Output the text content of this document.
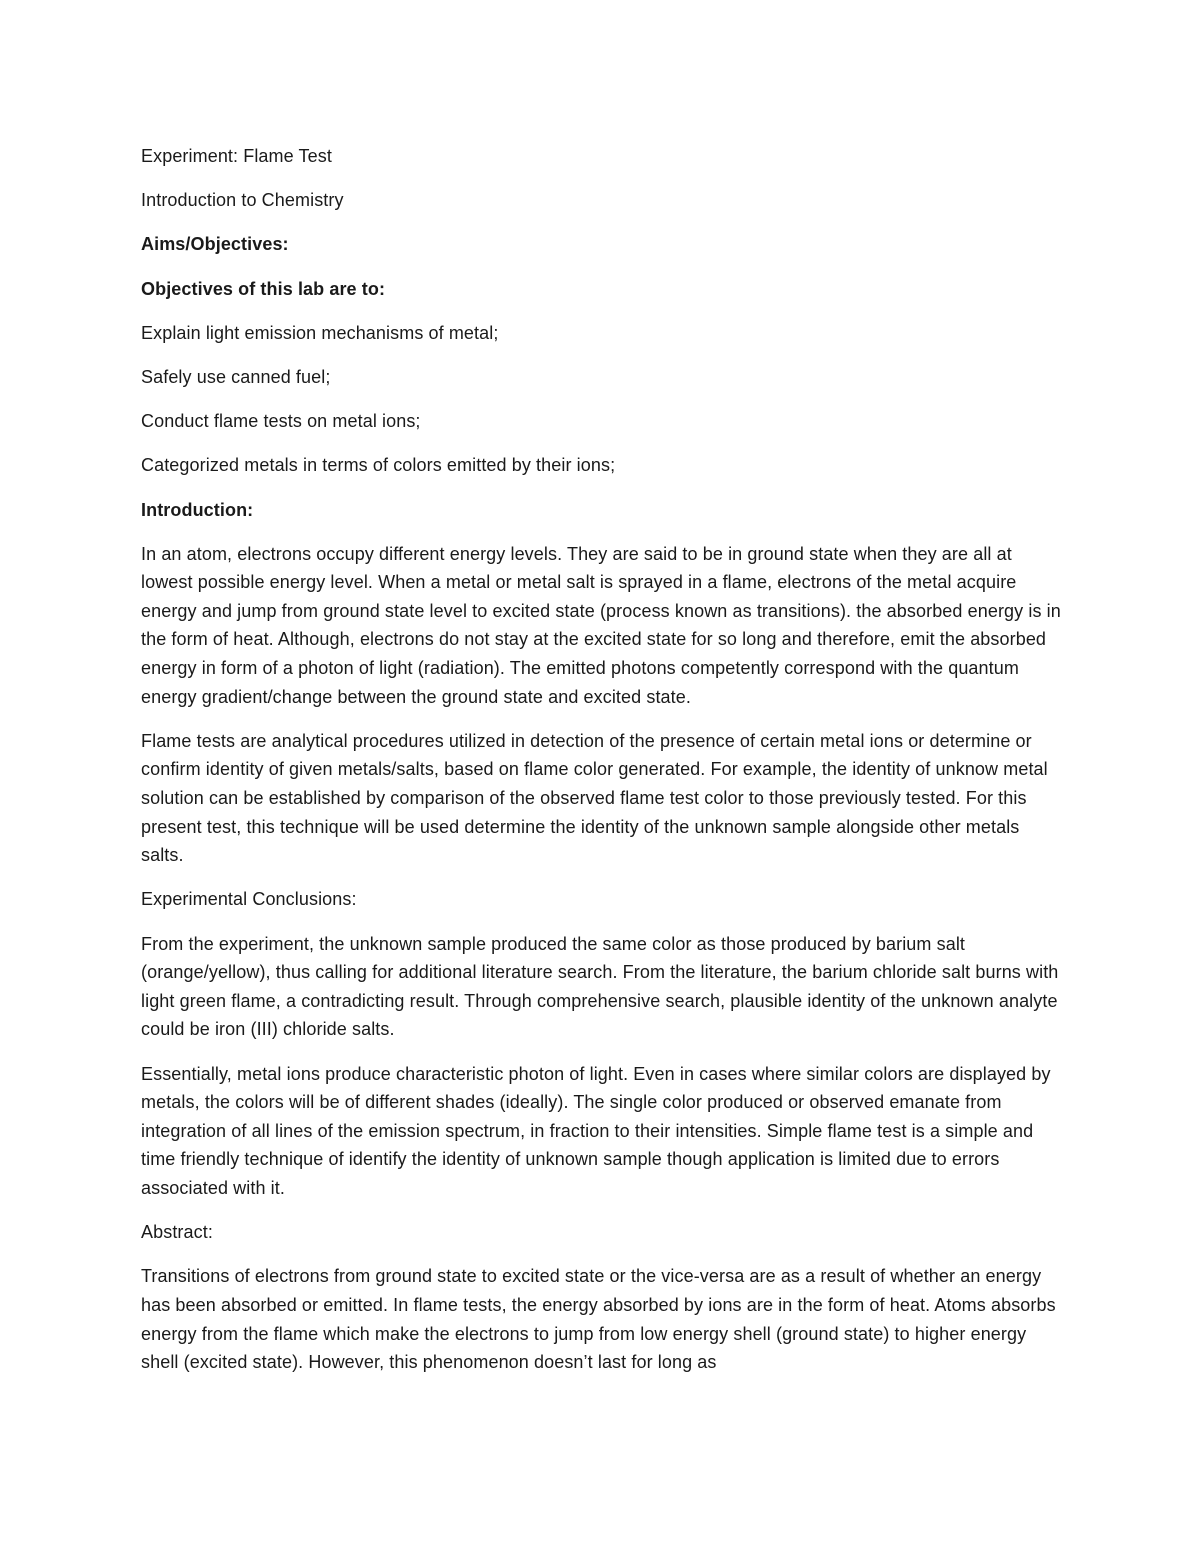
Experiment: Flame Test

Introduction to Chemistry

Aims/Objectives:

Objectives of this lab are to:

Explain light emission mechanisms of metal;

Safely use canned fuel;

Conduct flame tests on metal ions;

Categorized metals in terms of colors emitted by their ions;

Introduction:

In an atom, electrons occupy different energy levels. They are said to be in ground state when they are all at lowest possible energy level. When a metal or metal salt is sprayed in a flame, electrons of the metal acquire energy and jump from ground state level to excited state (process known as transitions). the absorbed energy is in the form of heat. Although, electrons do not stay at the excited state for so long and therefore, emit the absorbed energy in form of a photon of light (radiation). The emitted photons competently correspond with the quantum energy gradient/change between the ground state and excited state.

Flame tests are analytical procedures utilized in detection of the presence of certain metal ions or determine or confirm identity of given metals/salts, based on flame color generated. For example, the identity of unknow metal solution can be established by comparison of the observed flame test color to those previously tested. For this present test, this technique will be used determine the identity of the unknown sample alongside other metals salts.

Experimental Conclusions:

From the experiment, the unknown sample produced the same color as those produced by barium salt (orange/yellow), thus calling for additional literature search. From the literature, the barium chloride salt burns with light green flame, a contradicting result. Through comprehensive search, plausible identity of the unknown analyte could be iron (III) chloride salts.

Essentially, metal ions produce characteristic photon of light. Even in cases where similar colors are displayed by metals, the colors will be of different shades (ideally). The single color produced or observed emanate from integration of all lines of the emission spectrum, in fraction to their intensities. Simple flame test is a simple and time friendly technique of identify the identity of unknown sample though application is limited due to errors associated with it.

Abstract:

Transitions of electrons from ground state to excited state or the vice-versa are as a result of whether an energy has been absorbed or emitted. In flame tests, the energy absorbed by ions are in the form of heat. Atoms absorbs energy from the flame which make the electrons to jump from low energy shell (ground state) to higher energy shell (excited state). However, this phenomenon doesn’t last for long as
